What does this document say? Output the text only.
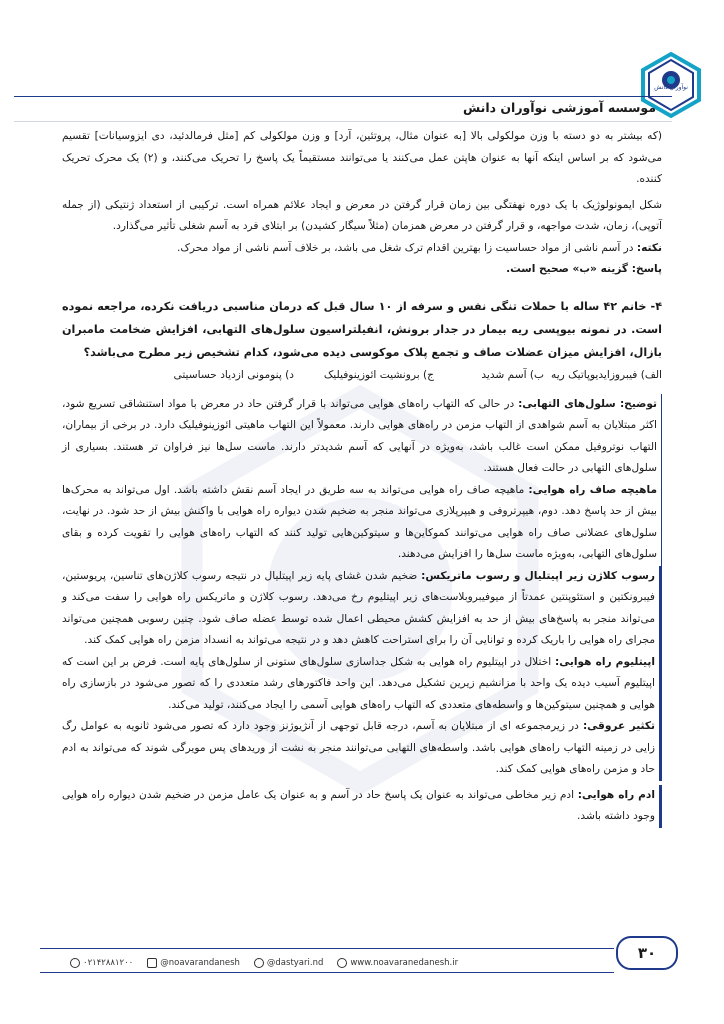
نوآوران دانش
موسسه آموزشی نوآوران دانش

(که بیشتر به دو دسته با وزن مولکولی بالا [به عنوان مثال، پروتئین، آرد] و وزن مولکولی کم [مثل فرمالدئید، دی ایزوسیانات] تقسیم می‌شود که بر اساس اینکه آنها به عنوان هاپتن عمل می‌کنند یا می‌توانند مستقیماً یک پاسخ را تحریک می‌کنند، و (۲) یک محرک تحریک کننده.

شکل ایمونولوژیک با یک دوره نهفتگی بین زمان قرار گرفتن در معرض و ایجاد علائم همراه است. ترکیبی از استعداد ژنتیکی (از جمله آتوپی)، زمان، شدت مواجهه، و قرار گرفتن در معرض همزمان (مثلاً سیگار کشیدن) بر ابتلای فرد به آسم شغلی تأثیر می‌گذارد.

نکته: در آسم ناشی از مواد حساسیت زا بهترین اقدام ترک شغل می باشد، بر خلاف آسم ناشی از مواد محرک.

پاسخ: گزینه «ب» صحیح است.

۴- خانم ۴۲ ساله با حملات تنگی نفس و سرفه از ۱۰ سال قبل که درمان مناسبی دریافت نکرده، مراجعه نموده است. در نمونه بیوپسی ریه بیمار در جدار برونش، انفیلتراسیون سلول‌های التهابی، افزایش ضخامت مامبران بازال، افزایش میزان عضلات صاف و تجمع پلاک موکوسی دیده می‌شود، کدام تشخیص زیر مطرح می‌باشد؟

الف) فیبروزایدیوپاتیک ریه
ب) آسم شدید
ج) برونشیت ائوزینوفیلیک
د) پنومونی ازدیاد حساسیتی

توضیح: سلول‌های التهابی: در حالی که التهاب راه‌های هوایی می‌تواند با قرار گرفتن حاد در معرض با مواد استنشاقی تسریع شود، اکثر مبتلایان به آسم شواهدی از التهاب مزمن در راه‌های هوایی دارند. معمولاً این التهاب ماهیتی ائوزینوفیلیک دارد. در برخی از بیماران، التهاب نوتروفیل ممکن است غالب باشد، به‌ویژه در آنهایی که آسم شدیدتر دارند. ماست سل‌ها نیز فراوان تر هستند. بسیاری از سلول‌های التهابی در حالت فعال هستند.

ماهیچه صاف راه هوایی: ماهیچه صاف راه هوایی می‌تواند به سه طریق در ایجاد آسم نقش داشته باشد. اول می‌تواند به محرک‌ها بیش از حد پاسخ دهد. دوم، هیپرتروفی و هیپرپلازی می‌تواند منجر به ضخیم شدن دیواره راه هوایی با واکنش بیش از حد شود. در نهایت، سلول‌های عضلانی صاف راه هوایی می‌توانند کموکاین‌ها و سیتوکین‌هایی تولید کنند که التهاب راه‌های هوایی را تقویت کرده و بقای سلول‌های التهابی، به‌ویژه ماست سل‌ها را افزایش می‌دهند.

رسوب کلاژن زیر اپیتلیال و رسوب ماتریکس: ضخیم شدن غشای پایه زیر اپیتلیال در نتیجه رسوب کلاژن‌های تناسین، پریوستین، فیبرونکتین و استئوپنتین عمدتاً از میوفیبروبلاست‌های زیر اپیتلیوم رخ می‌دهد. رسوب کلاژن و ماتریکس راه هوایی را سفت می‌کند و می‌تواند منجر به پاسخ‌های بیش از حد به افزایش کشش محیطی اعمال شده توسط عضله صاف شود. چنین رسوبی همچنین می‌تواند مجرای راه هوایی را باریک کرده و توانایی آن را برای استراحت کاهش دهد و در نتیجه می‌تواند به انسداد مزمن راه هوایی کمک کند.

اپیتلیوم راه هوایی: اختلال در اپیتلیوم راه هوایی به شکل جداسازی سلول‌های ستونی از سلول‌های پایه است. فرض بر این است که اپیتلیوم آسیب دیده یک واحد با مزانشیم زیرین تشکیل می‌دهد. این واحد فاکتورهای رشد متعددی را که تصور می‌شود در بازسازی راه هوایی و همچنین سیتوکین‌ها و واسطه‌های متعددی که التهاب راه‌های هوایی آسمی را ایجاد می‌کنند، تولید می‌کند.

تکثیر عروقی: در زیرمجموعه ای از مبتلایان به آسم، درجه قابل توجهی از آنژیوژنز وجود دارد که تصور می‌شود ثانویه به عوامل رگ زایی در زمینه التهاب راه‌های هوایی باشد. واسطه‌های التهابی می‌توانند منجر به نشت از وریدهای پس مویرگی شوند که می‌تواند به ادم حاد و مزمن راه‌های هوایی کمک کند.

ادم راه هوایی: ادم زیر مخاطی می‌تواند به عنوان یک پاسخ حاد در آسم و به عنوان یک عامل مزمن در ضخیم شدن دیواره راه هوایی وجود داشته باشد.

۳۰
۰۲۱۴۲۸۸۱۲۰۰	@noavarandanesh	@dastyari.nd	www.noavaranedanesh.ir
